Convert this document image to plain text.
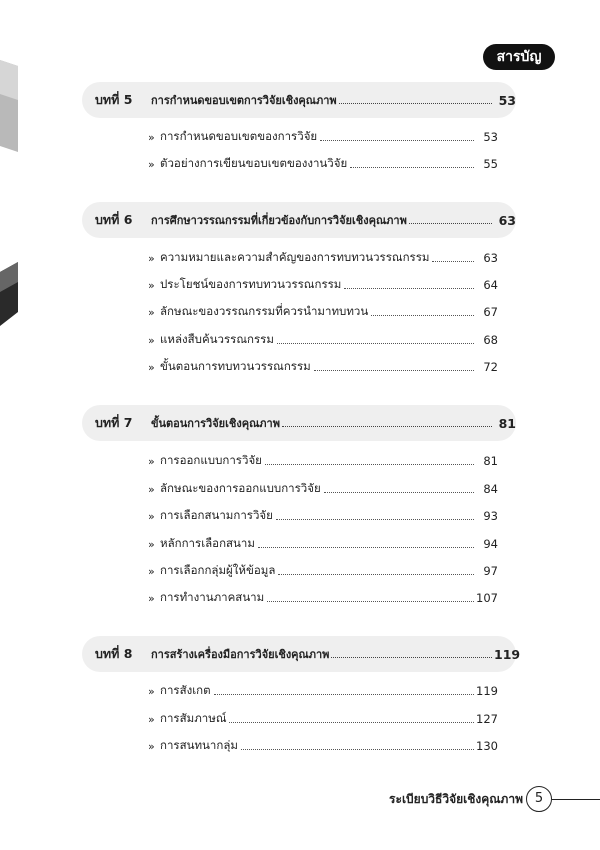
สารบัญ
บทที่ 5	การกำหนดขอบเขตการวิจัยเชิงคุณภาพ	53
» การกำหนดขอบเขตของการวิจัย	53
» ตัวอย่างการเขียนขอบเขตของงานวิจัย	55
บทที่ 6	การศึกษาวรรณกรรมที่เกี่ยวข้องกับการวิจัยเชิงคุณภาพ	63
» ความหมายและความสำคัญของการทบทวนวรรณกรรม	63
» ประโยชน์ของการทบทวนวรรณกรรม	64
» ลักษณะของวรรณกรรมที่ควรนำมาทบทวน	67
» แหล่งสืบค้นวรรณกรรม	68
» ขั้นตอนการทบทวนวรรณกรรม	72
บทที่ 7	ขั้นตอนการวิจัยเชิงคุณภาพ	81
» การออกแบบการวิจัย	81
» ลักษณะของการออกแบบการวิจัย	84
» การเลือกสนามการวิจัย	93
» หลักการเลือกสนาม	94
» การเลือกกลุ่มผู้ให้ข้อมูล	97
» การทำงานภาคสนาม	107
บทที่ 8	การสร้างเครื่องมือการวิจัยเชิงคุณภาพ	119
» การสังเกต	119
» การสัมภาษณ์	127
» การสนทนากลุ่ม	130
ระเบียบวิธีวิจัยเชิงคุณภาพ 5
